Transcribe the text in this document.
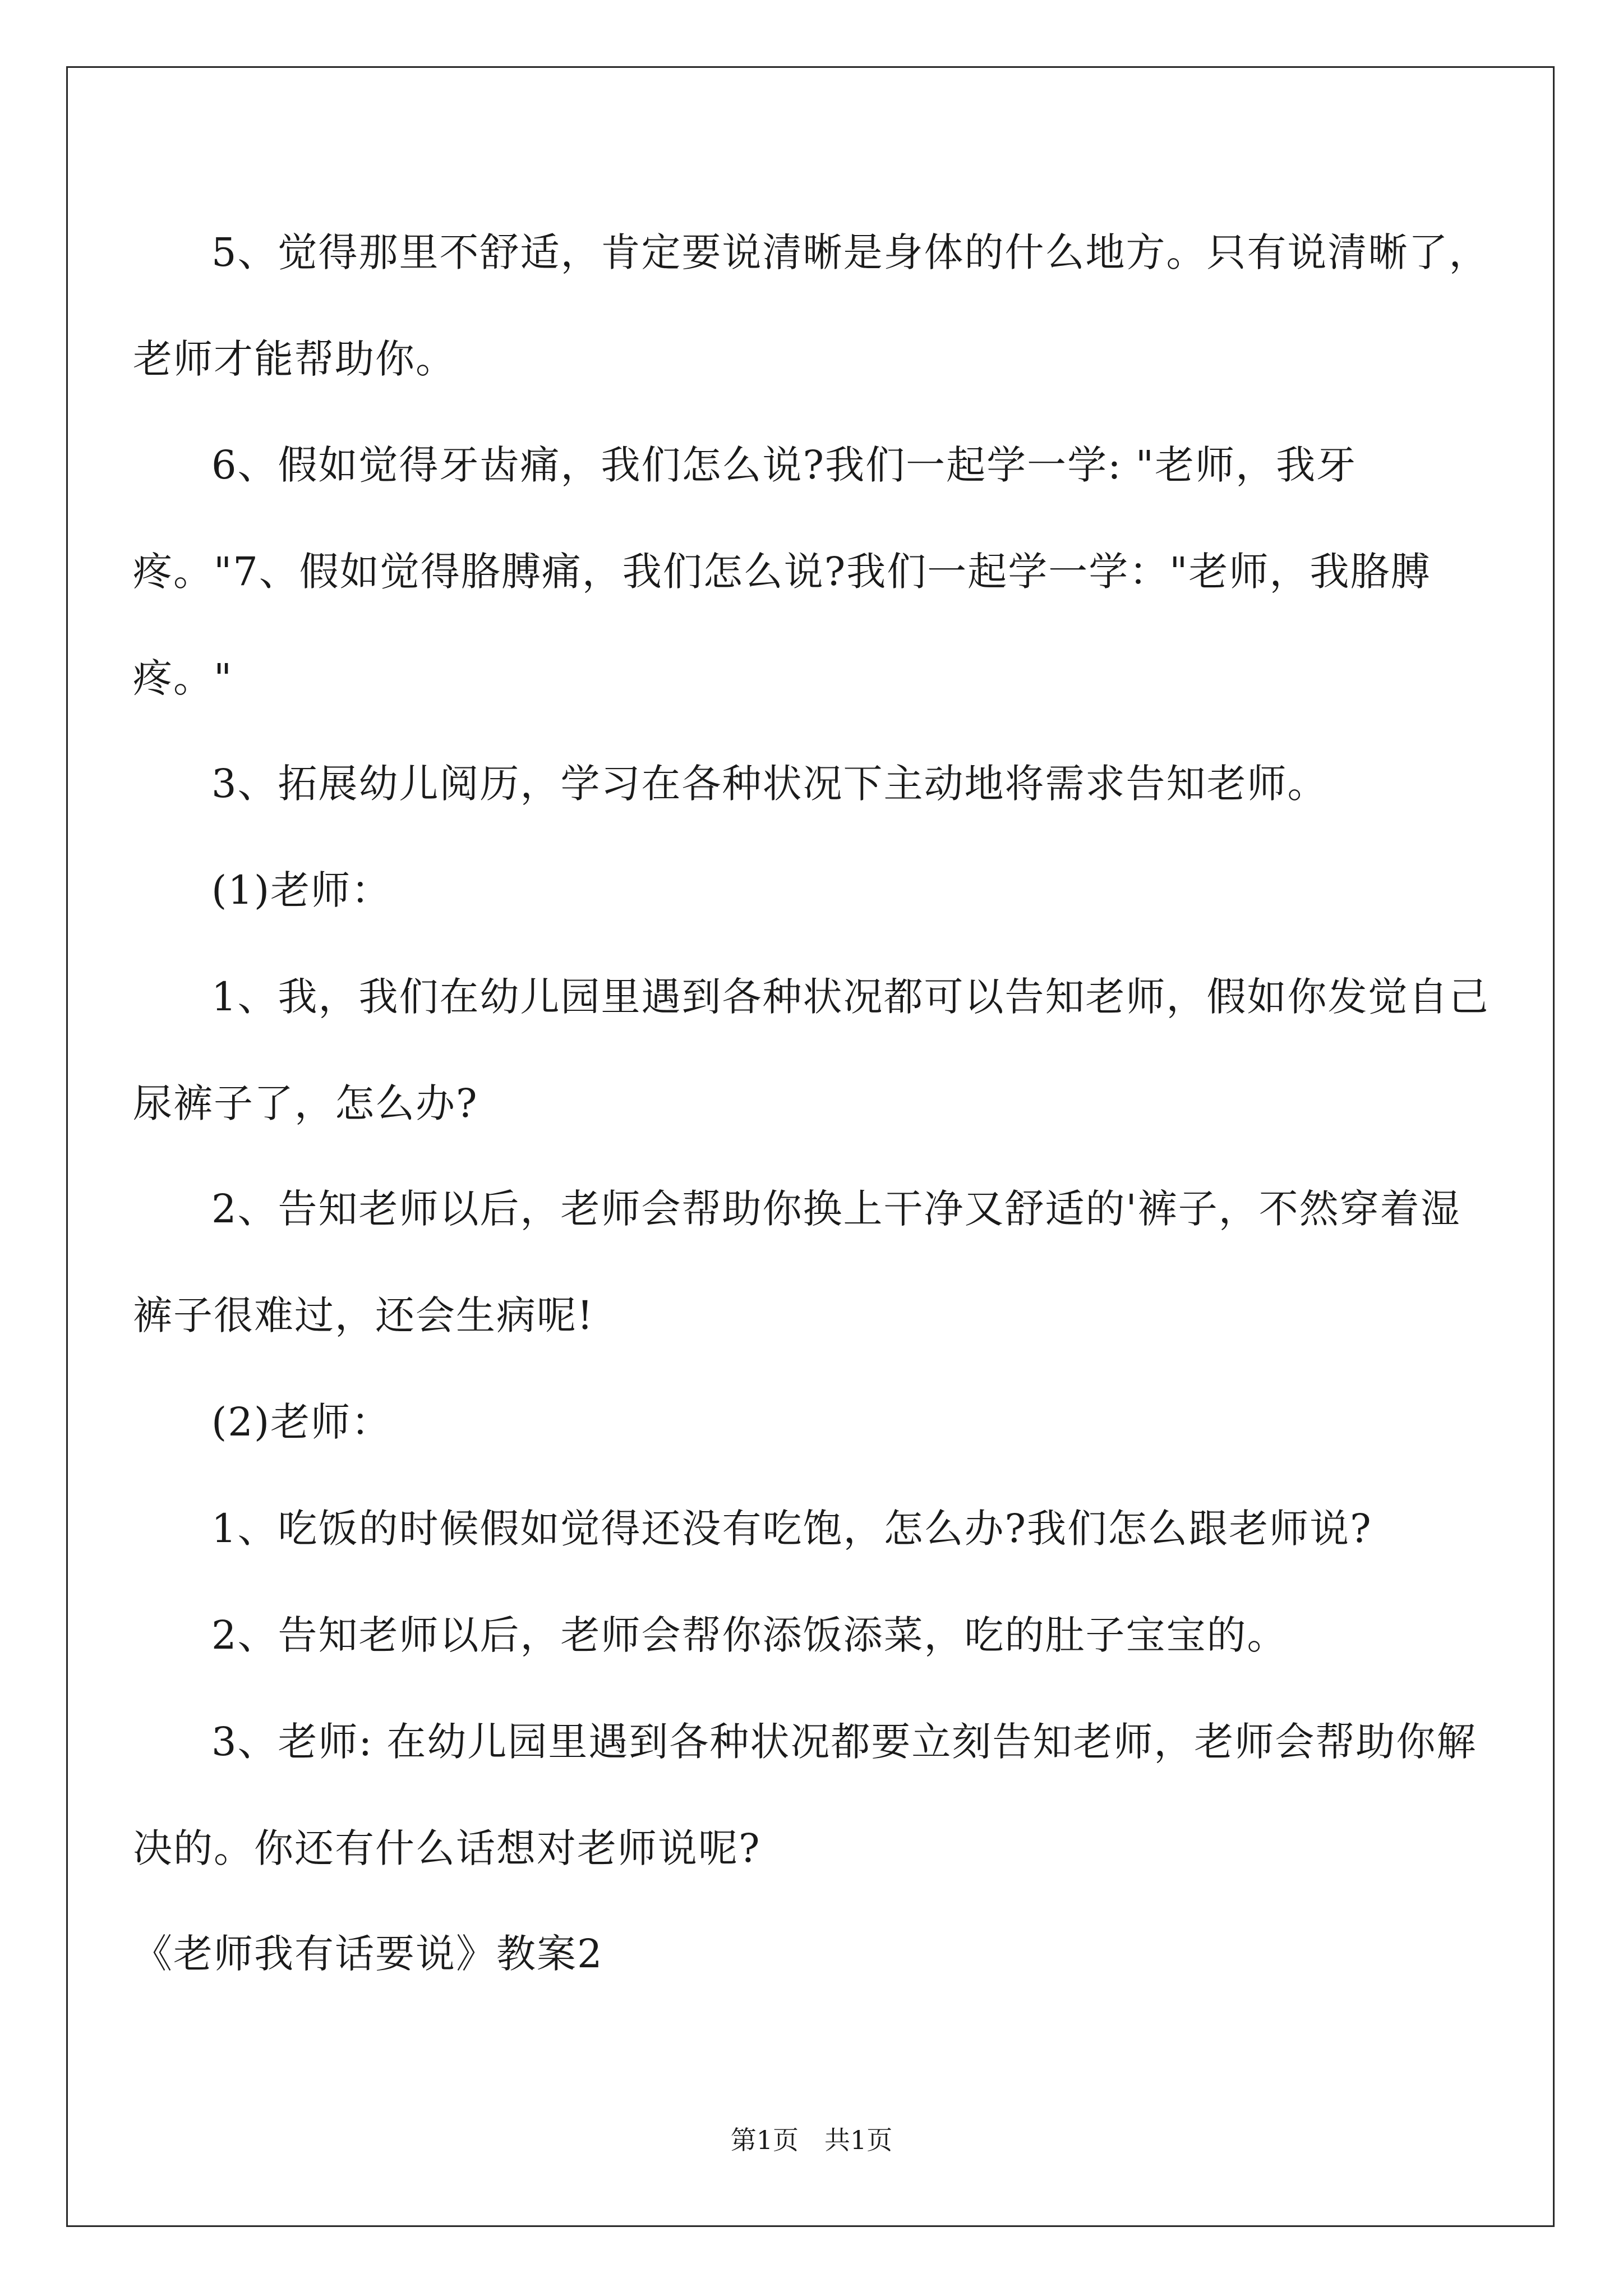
5、觉得那里不舒适，肯定要说清晰是身体的什么地方。只有说清晰了，老师才能帮助你。

6、假如觉得牙齿痛，我们怎么说?我们一起学一学: "老师，我牙疼。"7、假如觉得胳膊痛，我们怎么说?我们一起学一学："老师，我胳膊疼。"

3、拓展幼儿阅历，学习在各种状况下主动地将需求告知老师。

(1)老师：

1、我，我们在幼儿园里遇到各种状况都可以告知老师，假如你发觉自己尿裤子了，怎么办?

2、告知老师以后，老师会帮助你换上干净又舒适的'裤子，不然穿着湿裤子很难过，还会生病呢!

(2)老师：

1、吃饭的时候假如觉得还没有吃饱，怎么办?我们怎么跟老师说?

2、告知老师以后，老师会帮你添饭添菜，吃的肚子宝宝的。

3、老师: 在幼儿园里遇到各种状况都要立刻告知老师，老师会帮助你解决的。你还有什么话想对老师说呢?

《老师我有话要说》教案2

第1页　共1页
